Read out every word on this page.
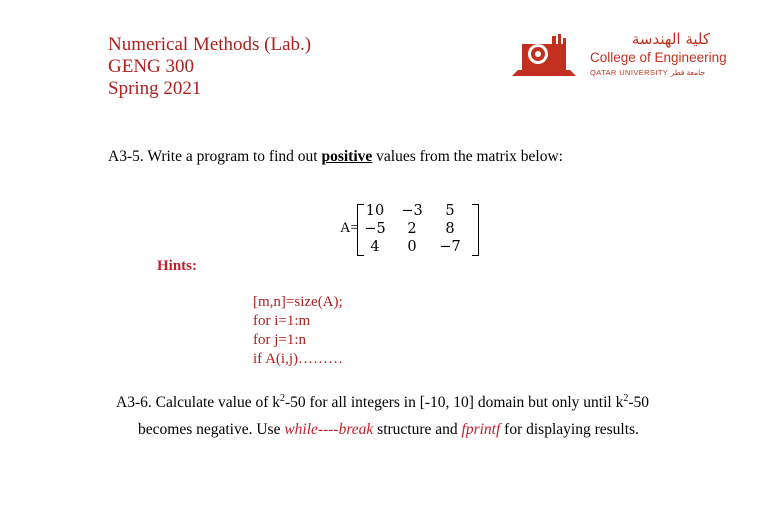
Numerical Methods (Lab.)
GENG 300
Spring 2021
كلية الهندسة
College of Engineering
QATAR UNIVERSITY جامعة قطر
A3-5. Write a program to find out positive values from the matrix below:
A=
10	−3	5
−5	2	8
4	0	−7
Hints:
[m,n]=size(A);
for i=1:m
for j=1:n
if A(i,j)………
A3-6. Calculate value of $k^2-50$ for all integers in [-10, 10] domain but only until $k^2-50$
becomes negative. Use while----break structure and fprintf for displaying results.
